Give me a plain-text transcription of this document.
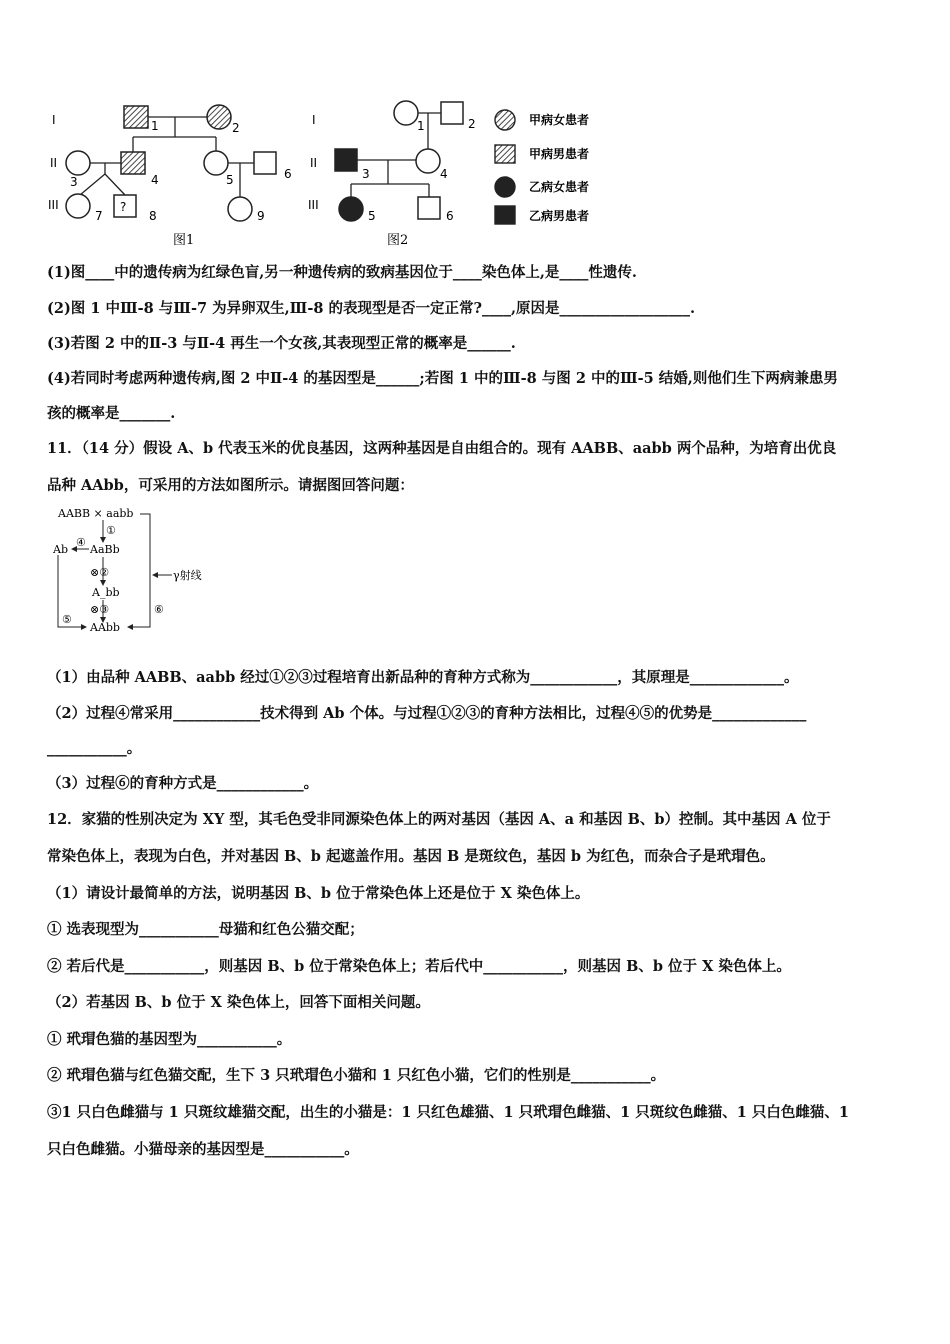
I
II
III
1	2
3	4	5	6
7
?
8	9
图1
I
II
III
1	2
3	4
5	6
图2
甲病女患者
甲病男患者
乙病女患者
乙病男患者
(1)图____中的遗传病为红绿色盲,另一种遗传病的致病基因位于____染色体上,是____性遗传.
(2)图 1 中Ⅲ-8 与Ⅲ-7 为异卵双生,Ⅲ-8 的表现型是否一定正常?____,原因是__________________.
(3)若图 2 中的Ⅱ-3 与Ⅱ-4 再生一个女孩,其表现型正常的概率是______.
(4)若同时考虑两种遗传病,图 2 中Ⅱ-4 的基因型是______;若图 1 中的Ⅲ-8 与图 2 中的Ⅲ-5 结婚,则他们生下两病兼患男
孩的概率是_______.
11．（14 分）假设 A、b 代表玉米的优良基因，这两种基因是自由组合的。现有 AABB、aabb 两个品种，为培育出优良
品种 AAbb，可采用的方法如图所示。请据图回答问题：
AABB × aabb
①
AaBb
Ab
④
⊗②
A_bb
⊗③
AAbb
⑤
⑥
γ射线
（1）由品种 AABB、aabb 经过①②③过程培育出新品种的育种方式称为____________，其原理是_____________。
（2）过程④常采用____________技术得到 Ab 个体。与过程①②③的育种方法相比，过程④⑤的优势是_____________
___________。
（3）过程⑥的育种方式是____________。
12．家猫的性别决定为 XY 型，其毛色受非同源染色体上的两对基因（基因 A、a 和基因 B、b）控制。其中基因 A 位于
常染色体上，表现为白色，并对基因 B、b 起遮盖作用。基因 B 是斑纹色，基因 b 为红色，而杂合子是玳瑁色。
（1）请设计最简单的方法，说明基因 B、b 位于常染色体上还是位于 X 染色体上。
① 选表现型为___________母猫和红色公猫交配；
② 若后代是___________，则基因 B、b 位于常染色体上；若后代中___________，则基因 B、b 位于 X 染色体上。
（2）若基因 B、b 位于 X 染色体上，回答下面相关问题。
① 玳瑁色猫的基因型为___________。
② 玳瑁色猫与红色猫交配，生下 3 只玳瑁色小猫和 1 只红色小猫，它们的性别是___________。
③1 只白色雌猫与 1 只斑纹雄猫交配，出生的小猫是：1 只红色雄猫、1 只玳瑁色雌猫、1 只斑纹色雌猫、1 只白色雌猫、1
只白色雌猫。小猫母亲的基因型是___________。
